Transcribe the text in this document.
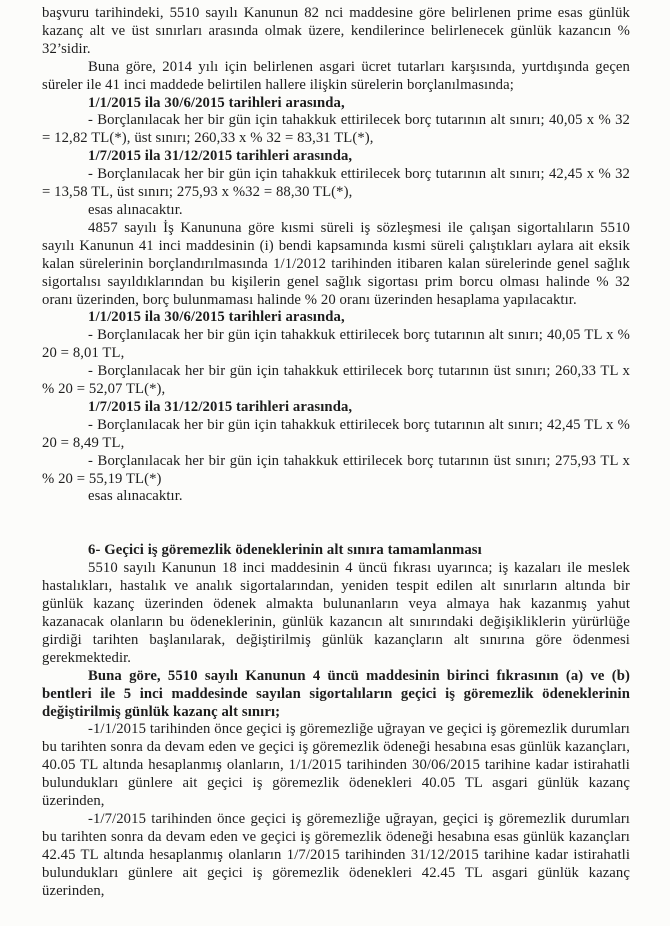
başvuru tarihindeki, 5510 sayılı Kanunun 82 nci maddesine göre belirlenen prime esas günlük kazanç alt ve üst sınırları arasında olmak üzere, kendilerince belirlenecek günlük kazancın % 32’sidir.

Buna göre, 2014 yılı için belirlenen asgari ücret tutarları karşısında, yurtdışında geçen süreler ile 41 inci maddede belirtilen hallere ilişkin sürelerin borçlanılmasında;

1/1/2015 ila 30/6/2015 tarihleri arasında,

- Borçlanılacak her bir gün için tahakkuk ettirilecek borç tutarının alt sınırı; 40,05 x % 32 = 12,82 TL(*), üst sınırı; 260,33 x % 32 = 83,31 TL(*),

1/7/2015 ila 31/12/2015 tarihleri arasında,

- Borçlanılacak her bir gün için tahakkuk ettirilecek borç tutarının alt sınırı; 42,45 x % 32 = 13,58 TL, üst sınırı; 275,93 x %32 = 88,30 TL(*),

esas alınacaktır.

4857 sayılı İş Kanununa göre kısmi süreli iş sözleşmesi ile çalışan sigortalıların 5510 sayılı Kanunun 41 inci maddesinin (i) bendi kapsamında kısmi süreli çalıştıkları aylara ait eksik kalan sürelerinin borçlandırılmasında 1/1/2012 tarihinden itibaren kalan sürelerinde genel sağlık sigortalısı sayıldıklarından bu kişilerin genel sağlık sigortası prim borcu olması halinde % 32 oranı üzerinden, borç bulunmaması halinde % 20 oranı üzerinden hesaplama yapılacaktır.

1/1/2015 ila 30/6/2015 tarihleri arasında,

- Borçlanılacak her bir gün için tahakkuk ettirilecek borç tutarının alt sınırı; 40,05 TL x % 20 = 8,01 TL,

- Borçlanılacak her bir gün için tahakkuk ettirilecek borç tutarının üst sınırı; 260,33 TL x % 20 = 52,07 TL(*),

1/7/2015 ila 31/12/2015 tarihleri arasında,

- Borçlanılacak her bir gün için tahakkuk ettirilecek borç tutarının alt sınırı; 42,45 TL x % 20 = 8,49 TL,

- Borçlanılacak her bir gün için tahakkuk ettirilecek borç tutarının üst sınırı; 275,93 TL x % 20 = 55,19 TL(*)

esas alınacaktır.

6- Geçici iş göremezlik ödeneklerinin alt sınıra tamamlanması

5510 sayılı Kanunun 18 inci maddesinin 4 üncü fıkrası uyarınca; iş kazaları ile meslek hastalıkları, hastalık ve analık sigortalarından, yeniden tespit edilen alt sınırların altında bir günlük kazanç üzerinden ödenek almakta bulunanların veya almaya hak kazanmış yahut kazanacak olanların bu ödeneklerinin, günlük kazancın alt sınırındaki değişikliklerin yürürlüğe girdiği tarihten başlanılarak, değiştirilmiş günlük kazançların alt sınırına göre ödenmesi gerekmektedir.

Buna göre, 5510 sayılı Kanunun 4 üncü maddesinin birinci fıkrasının (a) ve (b) bentleri ile 5 inci maddesinde sayılan sigortalıların geçici iş göremezlik ödeneklerinin değiştirilmiş günlük kazanç alt sınırı;

-1/1/2015 tarihinden önce geçici iş göremezliğe uğrayan ve geçici iş göremezlik durumları bu tarihten sonra da devam eden ve geçici iş göremezlik ödeneği hesabına esas günlük kazançları, 40.05 TL altında hesaplanmış olanların, 1/1/2015 tarihinden 30/06/2015 tarihine kadar istirahatli bulundukları günlere ait geçici iş göremezlik ödenekleri 40.05 TL asgari günlük kazanç üzerinden,

-1/7/2015 tarihinden önce geçici iş göremezliğe uğrayan, geçici iş göremezlik durumları bu tarihten sonra da devam eden ve geçici iş göremezlik ödeneği hesabına esas günlük kazançları 42.45 TL altında hesaplanmış olanların 1/7/2015 tarihinden 31/12/2015 tarihine kadar istirahatli bulundukları günlere ait geçici iş göremezlik ödenekleri 42.45 TL asgari günlük kazanç üzerinden,
